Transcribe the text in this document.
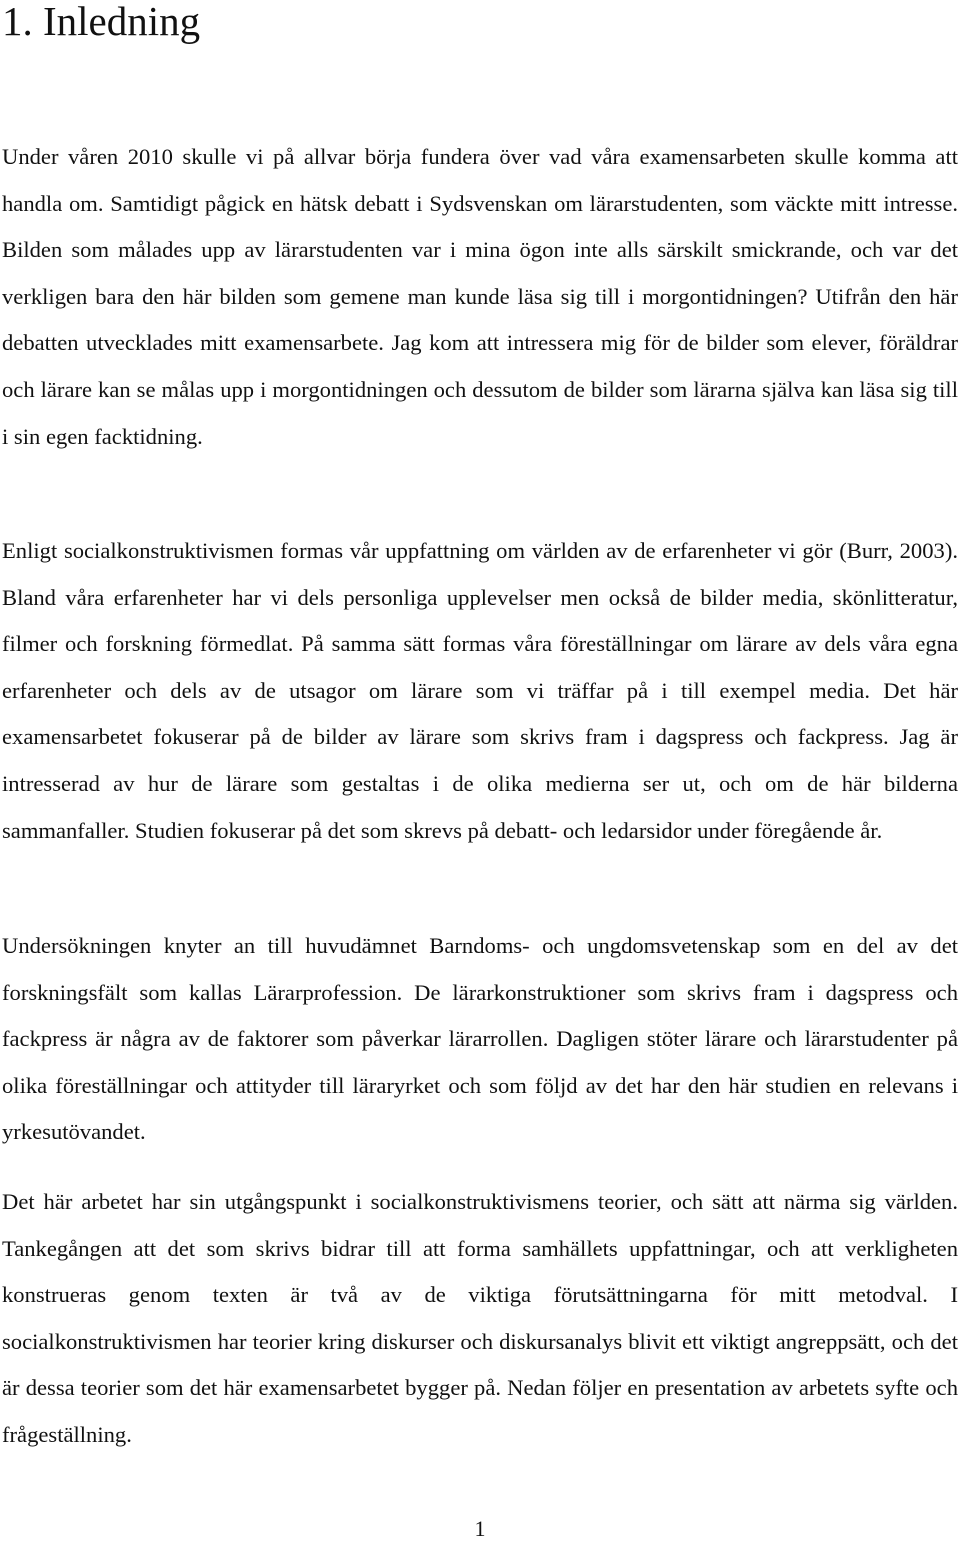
1. Inledning

Under våren 2010 skulle vi på allvar börja fundera över vad våra examensarbeten skulle komma att handla om. Samtidigt pågick en hätsk debatt i Sydsvenskan om lärarstudenten, som väckte mitt intresse. Bilden som målades upp av lärarstudenten var i mina ögon inte alls särskilt smickrande, och var det verkligen bara den här bilden som gemene man kunde läsa sig till i morgontidningen? Utifrån den här debatten utvecklades mitt examensarbete. Jag kom att intressera mig för de bilder som elever, föräldrar och lärare kan se målas upp i morgontidningen och dessutom de bilder som lärarna själva kan läsa sig till i sin egen facktidning.

Enligt socialkonstruktivismen formas vår uppfattning om världen av de erfarenheter vi gör (Burr, 2003). Bland våra erfarenheter har vi dels personliga upplevelser men också de bilder media, skönlitteratur, filmer och forskning förmedlat. På samma sätt formas våra föreställningar om lärare av dels våra egna erfarenheter och dels av de utsagor om lärare som vi träffar på i till exempel media. Det här examensarbetet fokuserar på de bilder av lärare som skrivs fram i dagspress och fackpress. Jag är intresserad av hur de lärare som gestaltas i de olika medierna ser ut, och om de här bilderna sammanfaller. Studien fokuserar på det som skrevs på debatt- och ledarsidor under föregående år.

Undersökningen knyter an till huvudämnet Barndoms- och ungdomsvetenskap som en del av det forskningsfält som kallas Lärarprofession. De lärarkonstruktioner som skrivs fram i dagspress och fackpress är några av de faktorer som påverkar lärarrollen. Dagligen stöter lärare och lärarstudenter på olika föreställningar och attityder till läraryrket och som följd av det har den här studien en relevans i yrkesutövandet.

Det här arbetet har sin utgångspunkt i socialkonstruktivismens teorier, och sätt att närma sig världen. Tankegången att det som skrivs bidrar till att forma samhällets uppfattningar, och att verkligheten konstrueras genom texten är två av de viktiga förutsättningarna för mitt metodval. I socialkonstruktivismen har teorier kring diskurser och diskursanalys blivit ett viktigt angreppsätt, och det är dessa teorier som det här examensarbetet bygger på. Nedan följer en presentation av arbetets syfte och frågeställning.

1
